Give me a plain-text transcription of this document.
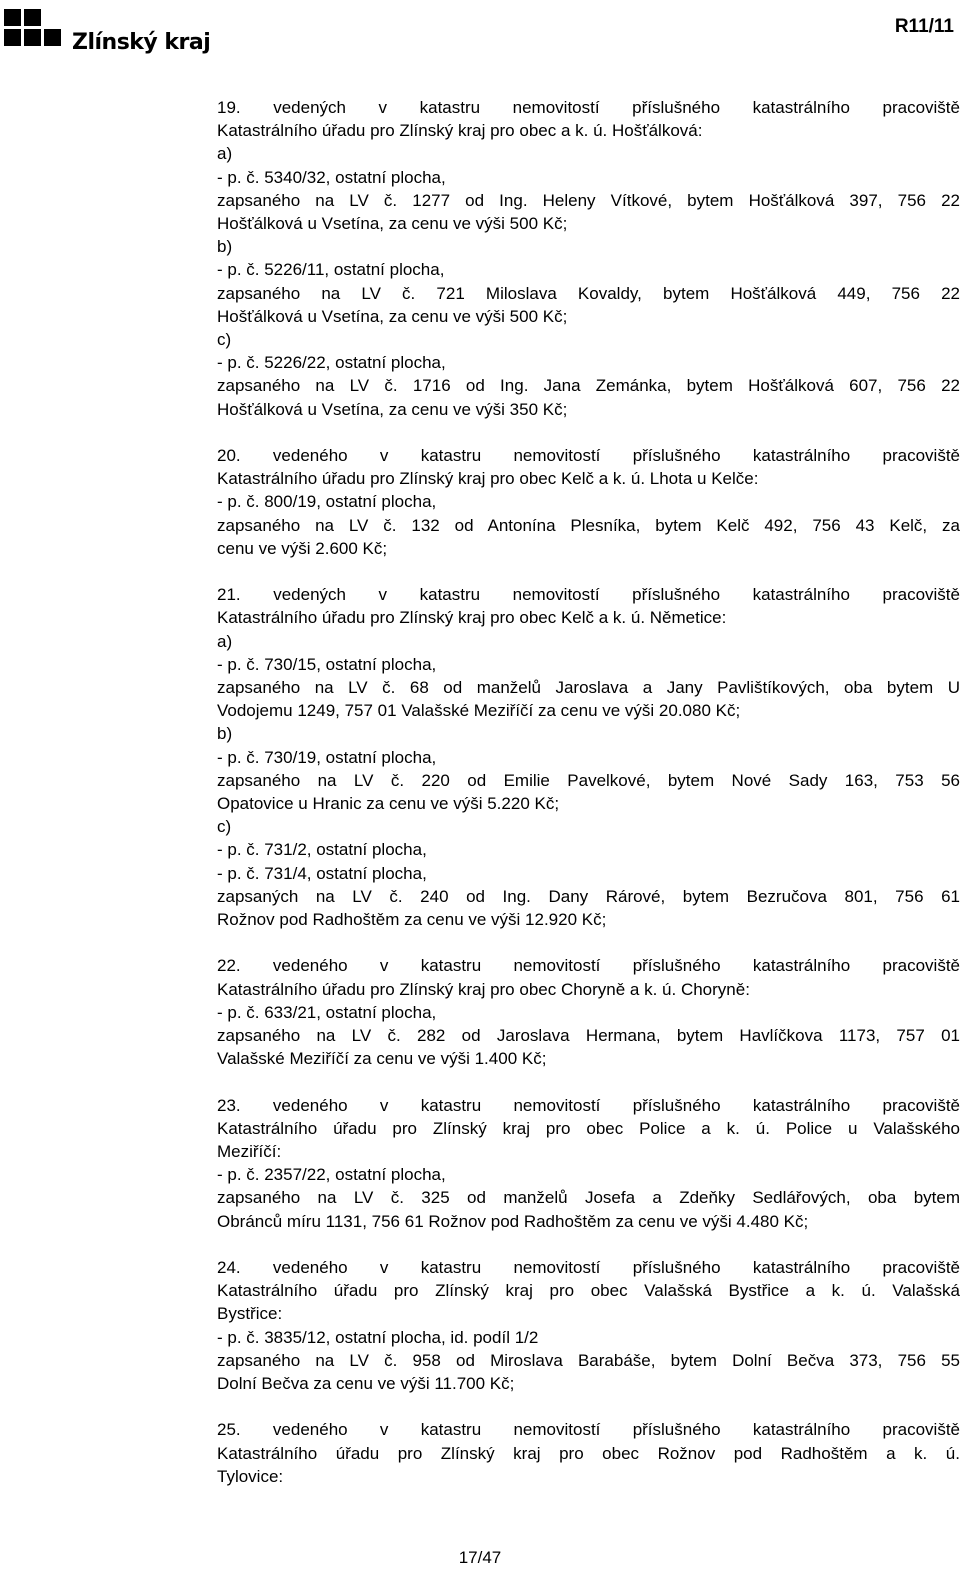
Zlínský kraj
R11/11
19. vedených v katastru nemovitostí příslušného katastrálního pracoviště
Katastrálního úřadu pro Zlínský kraj pro obec a k. ú. Hošťálková:
a)
- p. č. 5340/32, ostatní plocha,
zapsaného na LV č. 1277 od Ing. Heleny Vítkové, bytem Hošťálková 397, 756 22
Hošťálková u Vsetína, za cenu ve výši 500 Kč;
b)
- p. č. 5226/11, ostatní plocha,
zapsaného na LV č. 721 Miloslava Kovaldy, bytem Hošťálková 449, 756 22
Hošťálková u Vsetína, za cenu ve výši 500 Kč;
c)
- p. č. 5226/22, ostatní plocha,
zapsaného na LV č. 1716 od Ing. Jana Zemánka, bytem Hošťálková 607, 756 22
Hošťálková u Vsetína, za cenu ve výši 350 Kč;
20. vedeného v katastru nemovitostí příslušného katastrálního pracoviště
Katastrálního úřadu pro Zlínský kraj pro obec Kelč a k. ú. Lhota u Kelče:
- p. č. 800/19, ostatní plocha,
zapsaného na LV č. 132 od Antonína Plesníka, bytem Kelč 492, 756 43 Kelč, za
cenu ve výši 2.600 Kč;
21. vedených v katastru nemovitostí příslušného katastrálního pracoviště
Katastrálního úřadu pro Zlínský kraj pro obec Kelč a k. ú. Němetice:
a)
- p. č. 730/15, ostatní plocha,
zapsaného na LV č. 68 od manželů Jaroslava a Jany Pavlištíkových, oba bytem U
Vodojemu 1249, 757 01 Valašské Meziříčí za cenu ve výši 20.080 Kč;
b)
- p. č. 730/19, ostatní plocha,
zapsaného na LV č. 220 od Emilie Pavelkové, bytem Nové Sady 163, 753 56
Opatovice u Hranic za cenu ve výši 5.220 Kč;
c)
- p. č. 731/2, ostatní plocha,
- p. č. 731/4, ostatní plocha,
zapsaných na LV č. 240 od Ing. Dany Rárové, bytem Bezručova 801, 756 61
Rožnov pod Radhoštěm za cenu ve výši 12.920 Kč;
22. vedeného v katastru nemovitostí příslušného katastrálního pracoviště
Katastrálního úřadu pro Zlínský kraj pro obec Choryně a k. ú. Choryně:
- p. č. 633/21, ostatní plocha,
zapsaného na LV č. 282 od Jaroslava Hermana, bytem Havlíčkova 1173, 757 01
Valašské Meziříčí za cenu ve výši 1.400 Kč;
23. vedeného v katastru nemovitostí příslušného katastrálního pracoviště
Katastrálního úřadu pro Zlínský kraj pro obec Police a k. ú. Police u Valašského
Meziříčí:
- p. č. 2357/22, ostatní plocha,
zapsaného na LV č. 325 od manželů Josefa a Zdeňky Sedlářových, oba bytem
Obránců míru 1131, 756 61 Rožnov pod Radhoštěm za cenu ve výši 4.480 Kč;
24. vedeného v katastru nemovitostí příslušného katastrálního pracoviště
Katastrálního úřadu pro Zlínský kraj pro obec Valašská Bystřice a k. ú. Valašská
Bystřice:
- p. č. 3835/12, ostatní plocha, id. podíl 1/2
zapsaného na LV č. 958 od Miroslava Barabáše, bytem Dolní Bečva 373, 756 55
Dolní Bečva za cenu ve výši 11.700 Kč;
25. vedeného v katastru nemovitostí příslušného katastrálního pracoviště
Katastrálního úřadu pro Zlínský kraj pro obec Rožnov pod Radhoštěm a k. ú.
Tylovice:
17/47
